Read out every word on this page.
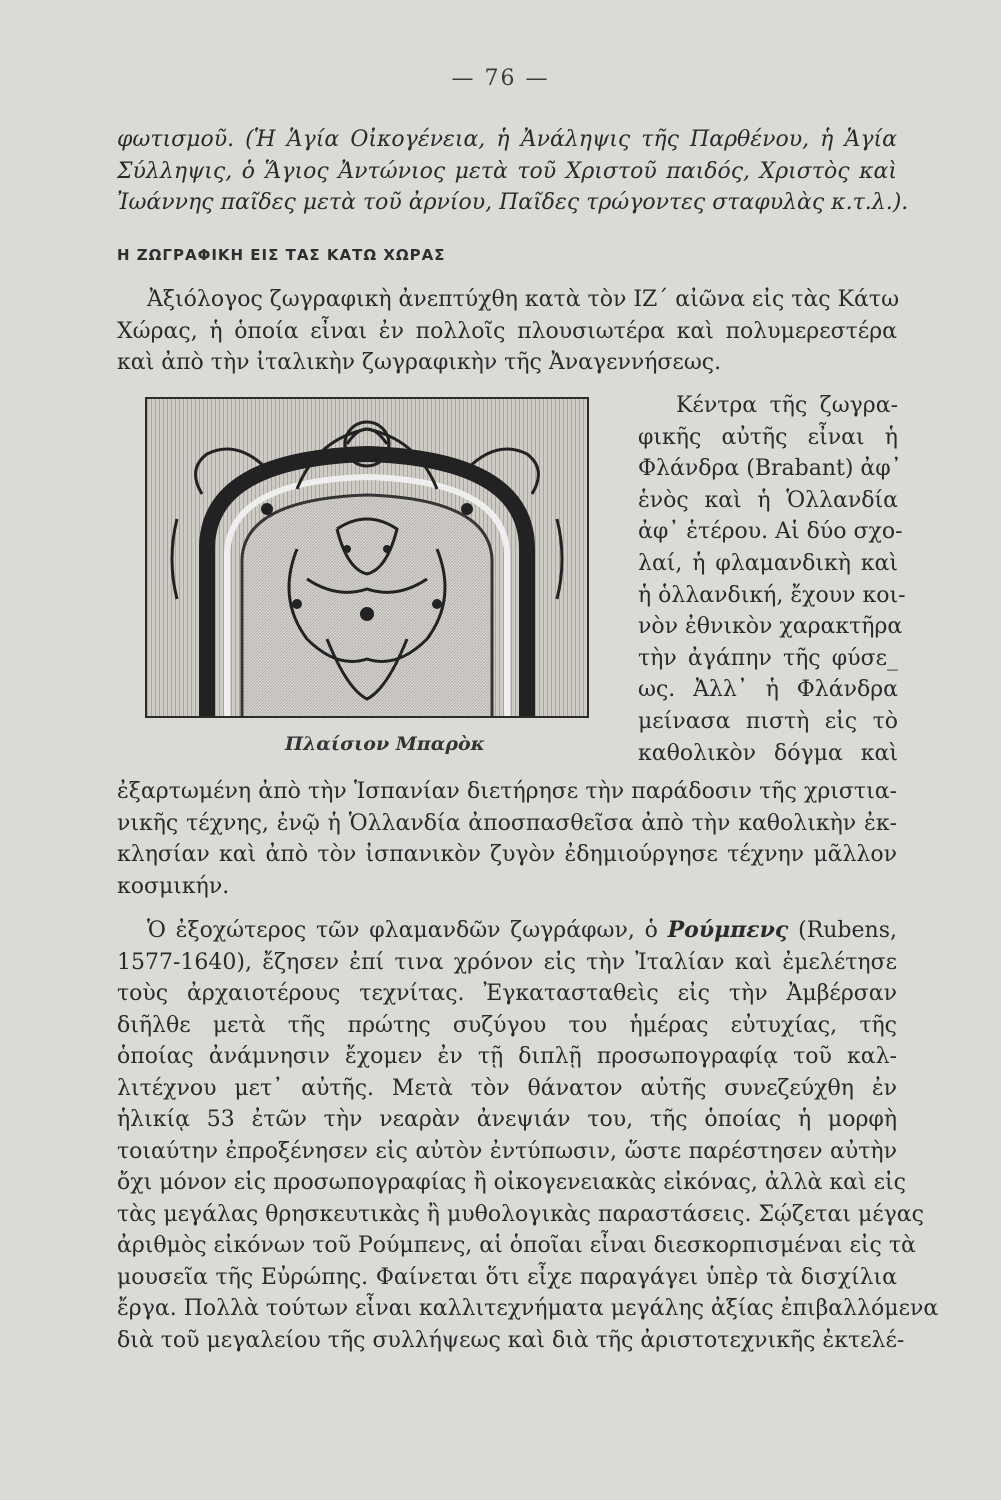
— 76 —
φωτισμοῦ. (Ἡ Ἁγία Οἰκογένεια, ἡ Ἀνάληψις τῆς Παρθένου, ἡ Ἁγία
Σύλληψις, ὁ Ἅγιος Ἀντώνιος μετὰ τοῦ Χριστοῦ παιδός, Χριστὸς καὶ
Ἰωάννης παῖδες μετὰ τοῦ ἀρνίου, Παῖδες τρώγοντες σταφυλὰς κ.τ.λ.).
Η ΖΩΓΡΑΦΙΚΗ ΕΙΣ ΤΑΣ ΚΑΤΩ ΧΩΡΑΣ
Ἀξιόλογος ζωγραφικὴ ἀνεπτύχθη κατὰ τὸν ΙΖ΄ αἰῶνα εἰς τὰς Κάτω
Χώρας, ἡ ὁποία εἶναι ἐν πολλοῖς πλουσιωτέρα καὶ πολυμερεστέρα
καὶ ἀπὸ τὴν ἰταλικὴν ζωγραφικὴν τῆς Ἀναγεννήσεως.
Πλαίσιον Μπαρὸκ
Κέντρα τῆς ζωγρα-
φικῆς αὐτῆς εἶναι ἡ
Φλάνδρα (Brabant) ἀφ᾽
ἑνὸς καὶ ἡ Ὁλλανδία
ἀφ᾽ ἑτέρου. Αἱ δύο σχο-
λαί, ἡ φλαμανδικὴ καὶ
ἡ ὁλλανδική, ἔχουν κοι-
νὸν ἐθνικὸν χαρακτῆρα
τὴν ἀγάπην τῆς φύσε_
ως. Ἀλλ᾽ ἡ Φλάνδρα
μείνασα πιστὴ εἰς τὸ
καθολικὸν δόγμα καὶ
ἐξαρτωμένη ἀπὸ τὴν Ἱσπανίαν διετήρησε τὴν παράδοσιν τῆς χριστια-
νικῆς τέχνης, ἐνῷ ἡ Ὁλλανδία ἀποσπασθεῖσα ἀπὸ τὴν καθολικὴν ἐκ-
κλησίαν καὶ ἀπὸ τὸν ἰσπανικὸν ζυγὸν ἐδημιούργησε τέχνην μᾶλλον
κοσμικήν.
Ὁ ἐξοχώτερος τῶν φλαμανδῶν ζωγράφων, ὁ Ρούμπενς (Rubens,
1577-1640), ἔζησεν ἐπί τινα χρόνον εἰς τὴν Ἰταλίαν καὶ ἐμελέτησε
τοὺς ἀρχαιοτέρους τεχνίτας. Ἐγκατασταθεὶς εἰς τὴν Ἀμβέρσαν
διῆλθε μετὰ τῆς πρώτης συζύγου του ἡμέρας εὐτυχίας, τῆς
ὁποίας ἀνάμνησιν ἔχομεν ἐν τῇ διπλῇ προσωπογραφίᾳ τοῦ καλ-
λιτέχνου μετ᾽ αὐτῆς. Μετὰ τὸν θάνατον αὐτῆς συνεζεύχθη ἐν
ἡλικίᾳ 53 ἐτῶν τὴν νεαρὰν ἀνεψιάν του, τῆς ὁποίας ἡ μορφὴ
τοιαύτην ἐπροξένησεν εἰς αὐτὸν ἐντύπωσιν, ὥστε παρέστησεν αὐτὴν
ὄχι μόνον εἰς προσωπογραφίας ἢ οἰκογενειακὰς εἰκόνας, ἀλλὰ καὶ εἰς
τὰς μεγάλας θρησκευτικὰς ἢ μυθολογικὰς παραστάσεις. Σῴζεται μέγας
ἀριθμὸς εἰκόνων τοῦ Ρούμπενς, αἱ ὁποῖαι εἶναι διεσκορπισμέναι εἰς τὰ
μουσεῖα τῆς Εὐρώπης. Φαίνεται ὅτι εἶχε παραγάγει ὑπὲρ τὰ δισχίλια
ἔργα. Πολλὰ τούτων εἶναι καλλιτεχνήματα μεγάλης ἀξίας ἐπιβαλλόμενα
διὰ τοῦ μεγαλείου τῆς συλλήψεως καὶ διὰ τῆς ἀριστοτεχνικῆς ἐκτελέ-
